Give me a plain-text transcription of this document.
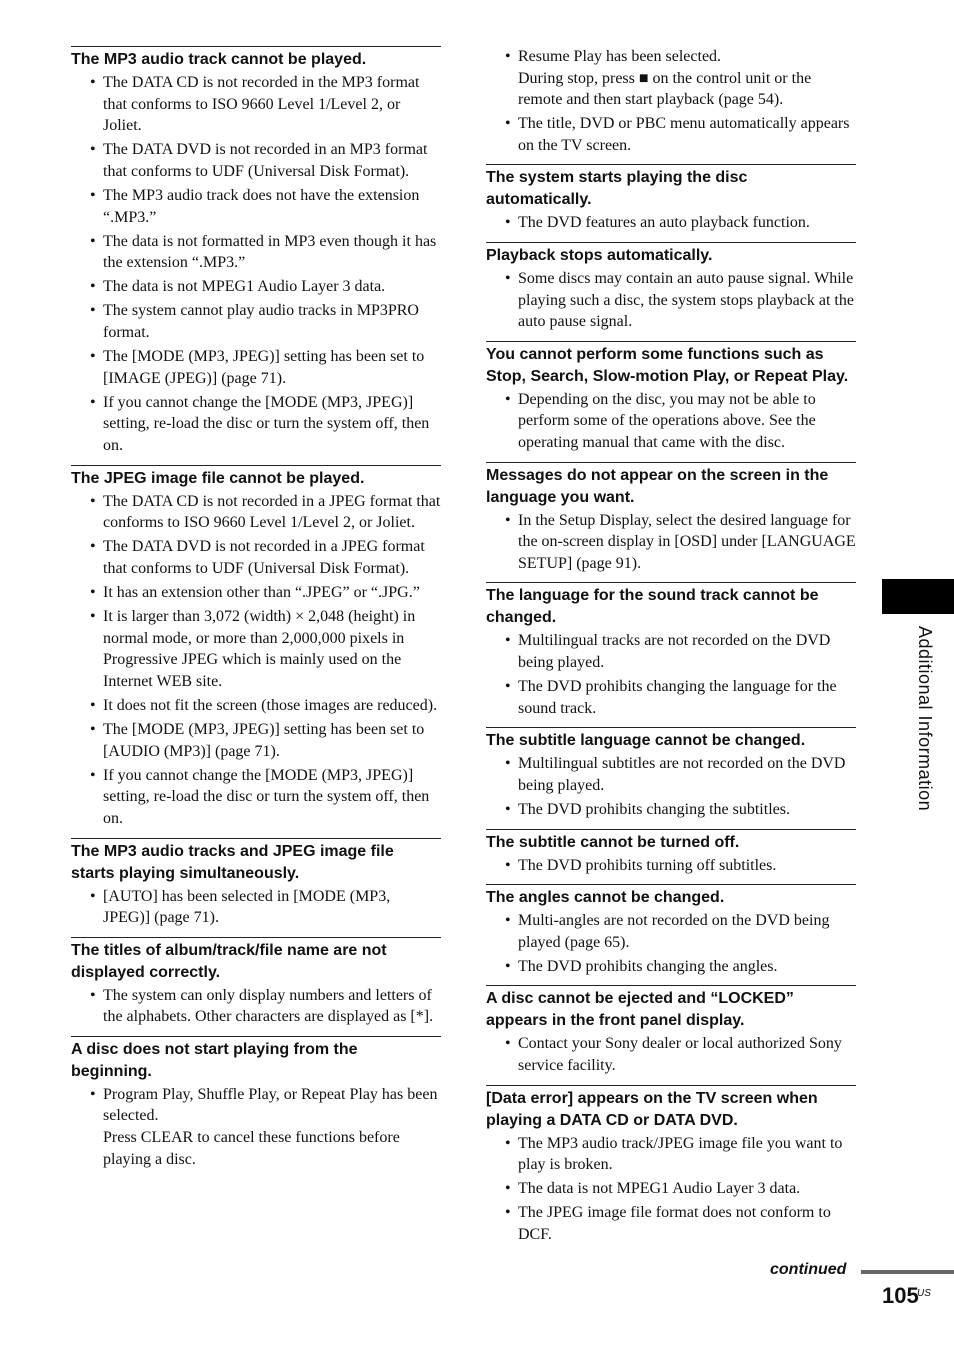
The MP3 audio track cannot be played.
• The DATA CD is not recorded in the MP3 format that conforms to ISO 9660 Level 1/Level 2, or Joliet.
• The DATA DVD is not recorded in an MP3 format that conforms to UDF (Universal Disk Format).
• The MP3 audio track does not have the extension “.MP3.”
• The data is not formatted in MP3 even though it has the extension “.MP3.”
• The data is not MPEG1 Audio Layer 3 data.
• The system cannot play audio tracks in MP3PRO format.
• The [MODE (MP3, JPEG)] setting has been set to [IMAGE (JPEG)] (page 71).
• If you cannot change the [MODE (MP3, JPEG)] setting, re-load the disc or turn the system off, then on.
The JPEG image file cannot be played.
• The DATA CD is not recorded in a JPEG format that conforms to ISO 9660 Level 1/Level 2, or Joliet.
• The DATA DVD is not recorded in a JPEG format that conforms to UDF (Universal Disk Format).
• It has an extension other than “.JPEG” or “.JPG.”
• It is larger than 3,072 (width) × 2,048 (height) in normal mode, or more than 2,000,000 pixels in Progressive JPEG which is mainly used on the Internet WEB site.
• It does not fit the screen (those images are reduced).
• The [MODE (MP3, JPEG)] setting has been set to [AUDIO (MP3)] (page 71).
• If you cannot change the [MODE (MP3, JPEG)] setting, re-load the disc or turn the system off, then on.
The MP3 audio tracks and JPEG image file starts playing simultaneously.
• [AUTO] has been selected in [MODE (MP3, JPEG)] (page 71).
The titles of album/track/file name are not displayed correctly.
• The system can only display numbers and letters of the alphabets. Other characters are displayed as [*].
A disc does not start playing from the beginning.
• Program Play, Shuffle Play, or Repeat Play has been selected.
Press CLEAR to cancel these functions before playing a disc.
• Resume Play has been selected.
During stop, press ■ on the control unit or the remote and then start playback (page 54).
• The title, DVD or PBC menu automatically appears on the TV screen.
The system starts playing the disc automatically.
• The DVD features an auto playback function.
Playback stops automatically.
• Some discs may contain an auto pause signal. While playing such a disc, the system stops playback at the auto pause signal.
You cannot perform some functions such as Stop, Search, Slow-motion Play, or Repeat Play.
• Depending on the disc, you may not be able to perform some of the operations above. See the operating manual that came with the disc.
Messages do not appear on the screen in the language you want.
• In the Setup Display, select the desired language for the on-screen display in [OSD] under [LANGUAGE SETUP] (page 91).
The language for the sound track cannot be changed.
• Multilingual tracks are not recorded on the DVD being played.
• The DVD prohibits changing the language for the sound track.
The subtitle language cannot be changed.
• Multilingual subtitles are not recorded on the DVD being played.
• The DVD prohibits changing the subtitles.
The subtitle cannot be turned off.
• The DVD prohibits turning off subtitles.
The angles cannot be changed.
• Multi-angles are not recorded on the DVD being played (page 65).
• The DVD prohibits changing the angles.
A disc cannot be ejected and “LOCKED” appears in the front panel display.
• Contact your Sony dealer or local authorized Sony service facility.
[Data error] appears on the TV screen when playing a DATA CD or DATA DVD.
• The MP3 audio track/JPEG image file you want to play is broken.
• The data is not MPEG1 Audio Layer 3 data.
• The JPEG image file format does not conform to DCF.
Additional Information
continued
105
US
